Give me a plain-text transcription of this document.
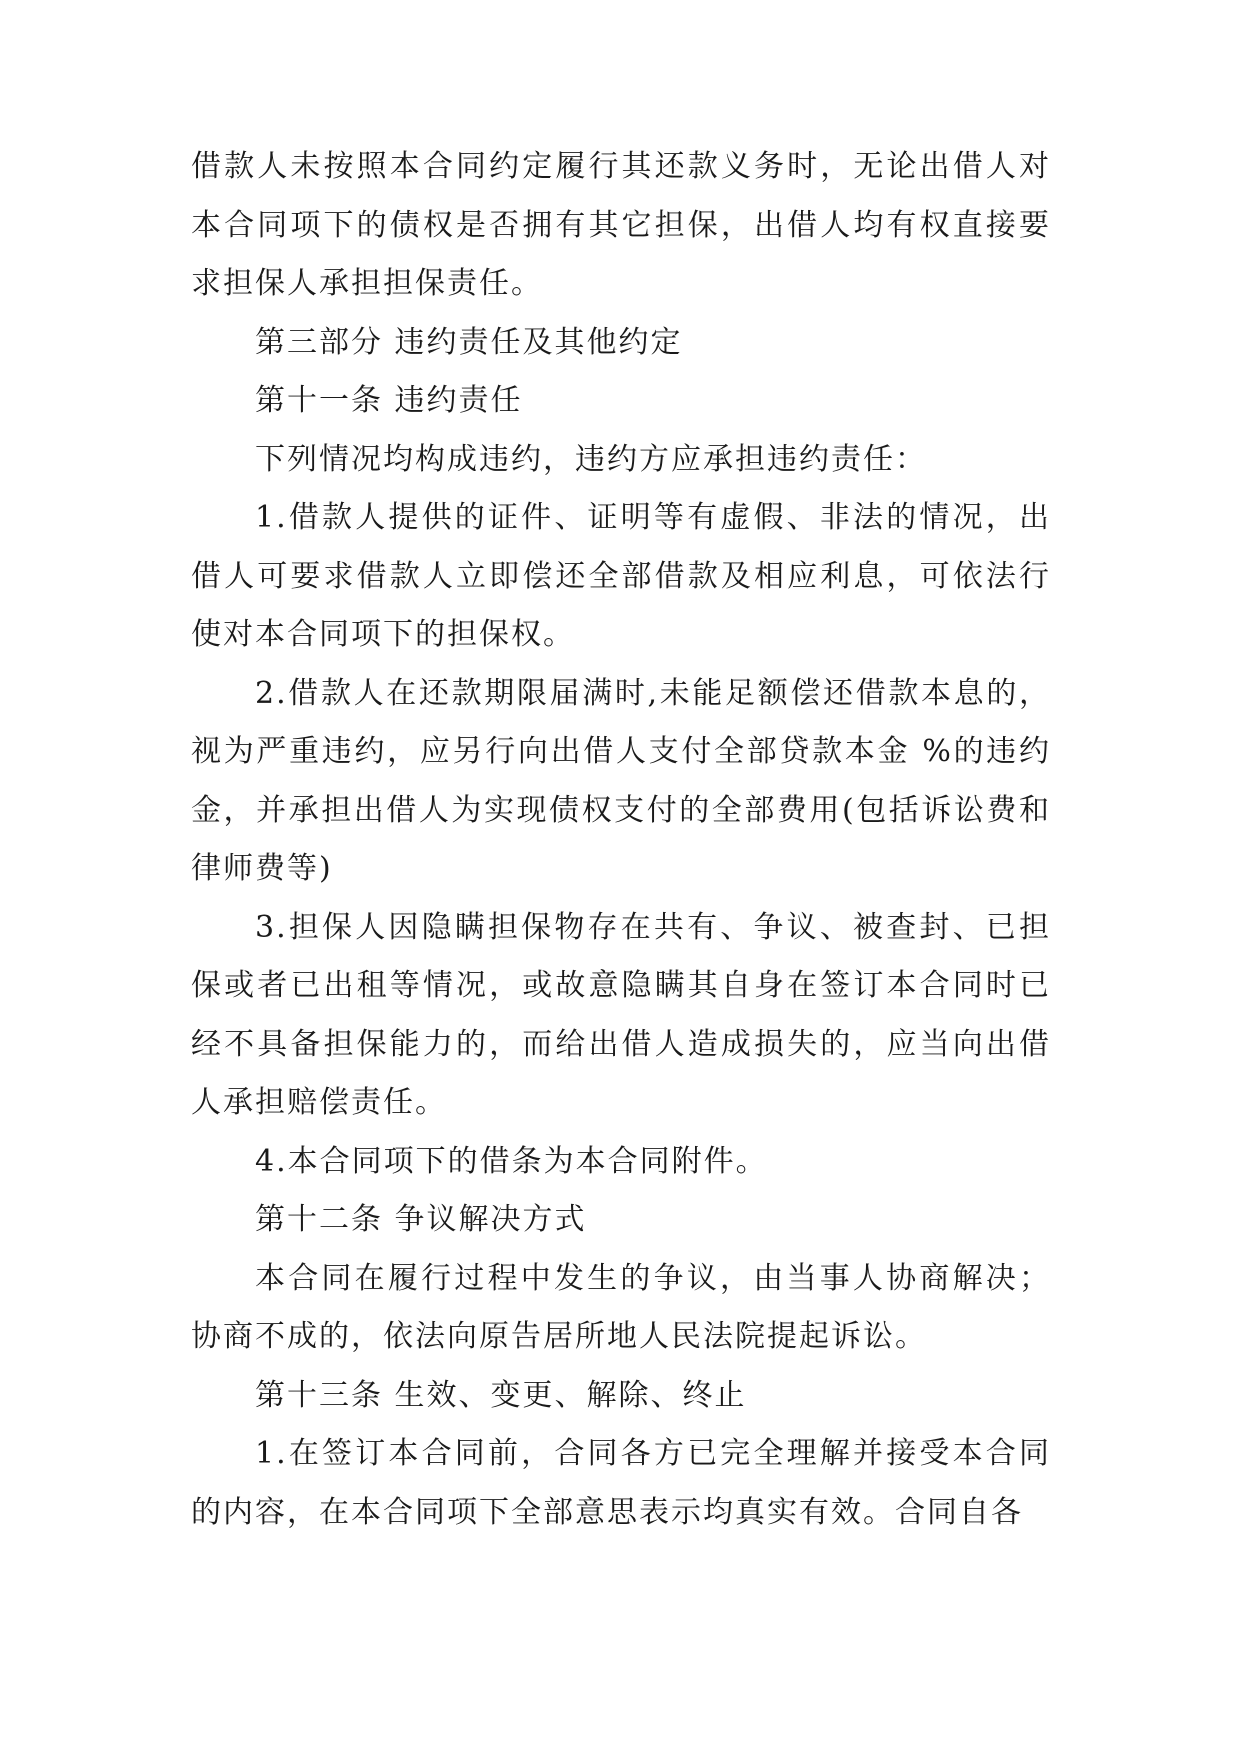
借款人未按照本合同约定履行其还款义务时，无论出借人对本合同项下的债权是否拥有其它担保，出借人均有权直接要求担保人承担担保责任。

第三部分 违约责任及其他约定

第十一条 违约责任

下列情况均构成违约，违约方应承担违约责任：

1.借款人提供的证件、证明等有虚假、非法的情况，出借人可要求借款人立即偿还全部借款及相应利息，可依法行使对本合同项下的担保权。

2.借款人在还款期限届满时,未能足额偿还借款本息的，视为严重违约，应另行向出借人支付全部贷款本金 %的违约金，并承担出借人为实现债权支付的全部费用(包括诉讼费和律师费等)

3.担保人因隐瞒担保物存在共有、争议、被查封、已担保或者已出租等情况，或故意隐瞒其自身在签订本合同时已经不具备担保能力的，而给出借人造成损失的，应当向出借人承担赔偿责任。

4.本合同项下的借条为本合同附件。

第十二条 争议解决方式

本合同在履行过程中发生的争议，由当事人协商解决；协商不成的，依法向原告居所地人民法院提起诉讼。

第十三条 生效、变更、解除、终止

1.在签订本合同前，合同各方已完全理解并接受本合同的内容，在本合同项下全部意思表示均真实有效。合同自各
